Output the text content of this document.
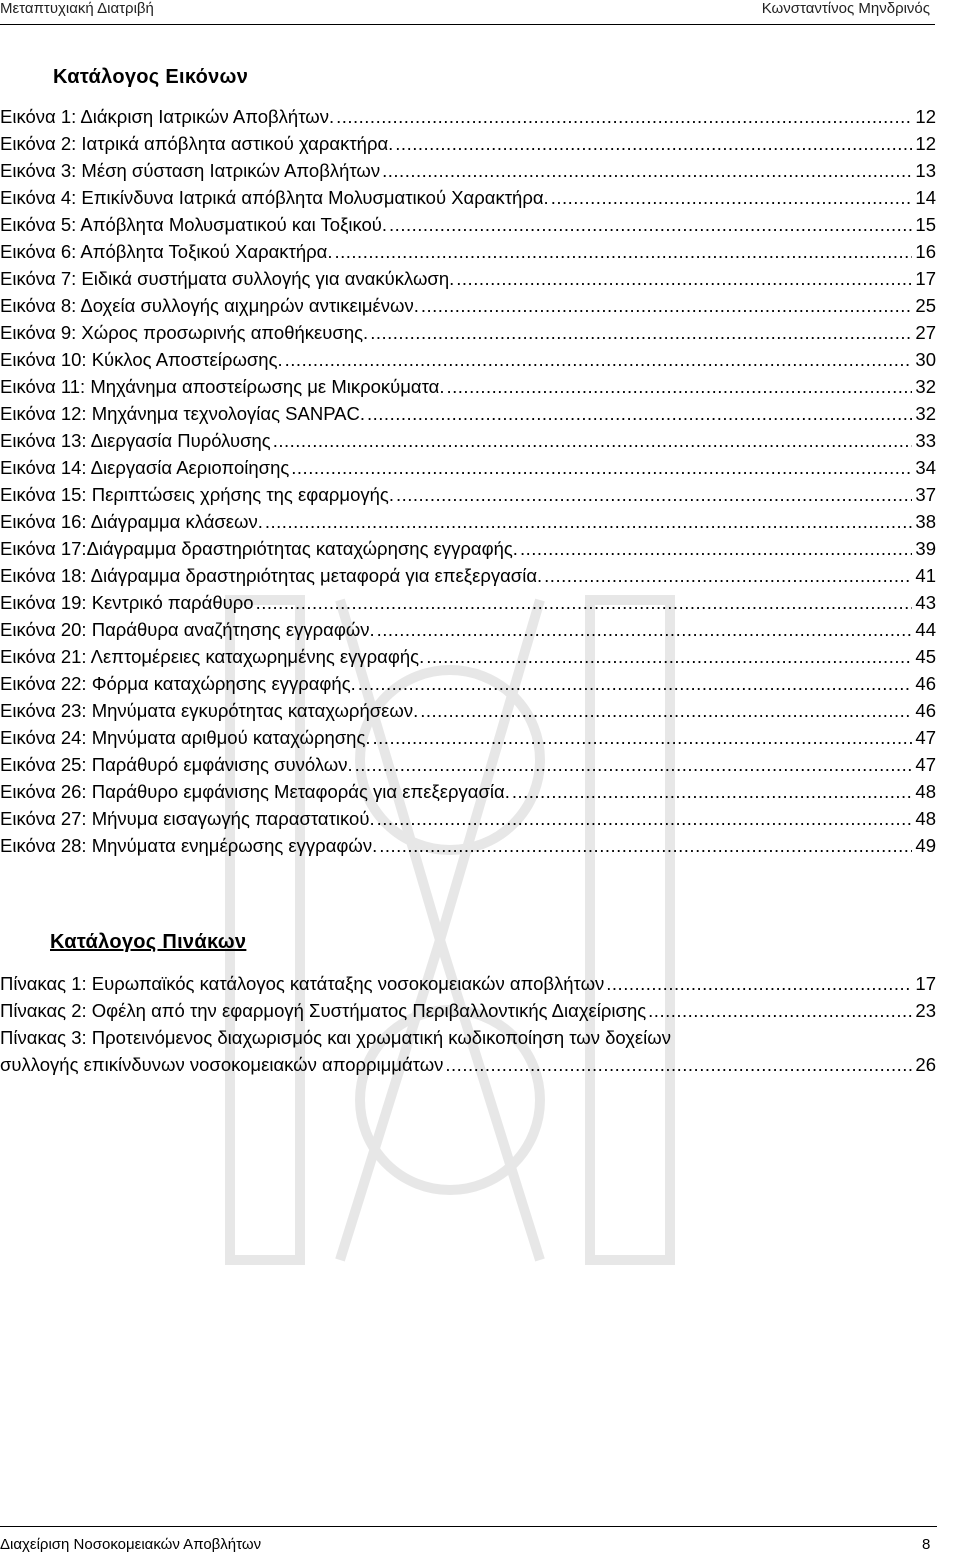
Μεταπτυχιακή Διατριβή	Κωνσταντίνος Μηνδρινός
Κατάλογος Εικόνων
Εικόνα 1: Διάκριση Ιατρικών Αποβλήτων. .....	12
Εικόνα 2: Ιατρικά απόβλητα αστικού χαρακτήρα. .....	12
Εικόνα 3: Μέση σύσταση Ιατρικών Αποβλήτων .....	13
Εικόνα 4: Επικίνδυνα Ιατρικά απόβλητα Μολυσματικού Χαρακτήρα. .....	14
Εικόνα 5: Απόβλητα Μολυσματικού και Τοξικού. .....	15
Εικόνα 6: Απόβλητα Τοξικού Χαρακτήρα. .....	16
Εικόνα 7: Ειδικά συστήματα συλλογής για ανακύκλωση. .....	17
Εικόνα 8: Δοχεία συλλογής αιχμηρών αντικειμένων. .....	25
Εικόνα 9: Χώρος προσωρινής αποθήκευσης. .....	27
Εικόνα 10: Κύκλος Αποστείρωσης. .....	30
Εικόνα 11: Μηχάνημα αποστείρωσης με Μικροκύματα. .....	32
Εικόνα 12: Μηχάνημα τεχνολογίας SANPAC. .....	32
Εικόνα 13: Διεργασία Πυρόλυσης .....	33
Εικόνα 14: Διεργασία Αεριοποίησης .....	34
Εικόνα 15: Περιπτώσεις χρήσης της εφαρμογής. .....	37
Εικόνα 16: Διάγραμμα κλάσεων. .....	38
Εικόνα 17:Διάγραμμα δραστηριότητας καταχώρησης εγγραφής. .....	39
Εικόνα 18: Διάγραμμα δραστηριότητας μεταφορά για επεξεργασία. .....	41
Εικόνα 19: Κεντρικό παράθυρο .....	43
Εικόνα 20: Παράθυρα αναζήτησης εγγραφών. .....	44
Εικόνα 21: Λεπτομέρειες καταχωρημένης εγγραφής. .....	45
Εικόνα 22: Φόρμα καταχώρησης εγγραφής. .....	46
Εικόνα 23: Μηνύματα εγκυρότητας καταχωρήσεων. .....	46
Εικόνα 24: Μηνύματα αριθμού καταχώρησης. .....	47
Εικόνα 25: Παράθυρό εμφάνισης συνόλων. .....	47
Εικόνα 26: Παράθυρο εμφάνισης Μεταφοράς για επεξεργασία. .....	48
Εικόνα 27: Μήνυμα εισαγωγής παραστατικού. .....	48
Εικόνα 28: Μηνύματα ενημέρωσης εγγραφών. .....	49
Κατάλογος Πινάκων
Πίνακας 1: Ευρωπαϊκός κατάλογος κατάταξης νοσοκομειακών αποβλήτων .....	17
Πίνακας 2: Οφέλη από την εφαρμογή Συστήματος Περιβαλλοντικής Διαχείρισης .....	23
Πίνακας 3: Προτεινόμενος διαχωρισμός και χρωματική κωδικοποίηση των δοχείων
συλλογής επικίνδυνων νοσοκομειακών απορριμμάτων .....	26
Διαχείριση Νοσοκομειακών Αποβλήτων	8
